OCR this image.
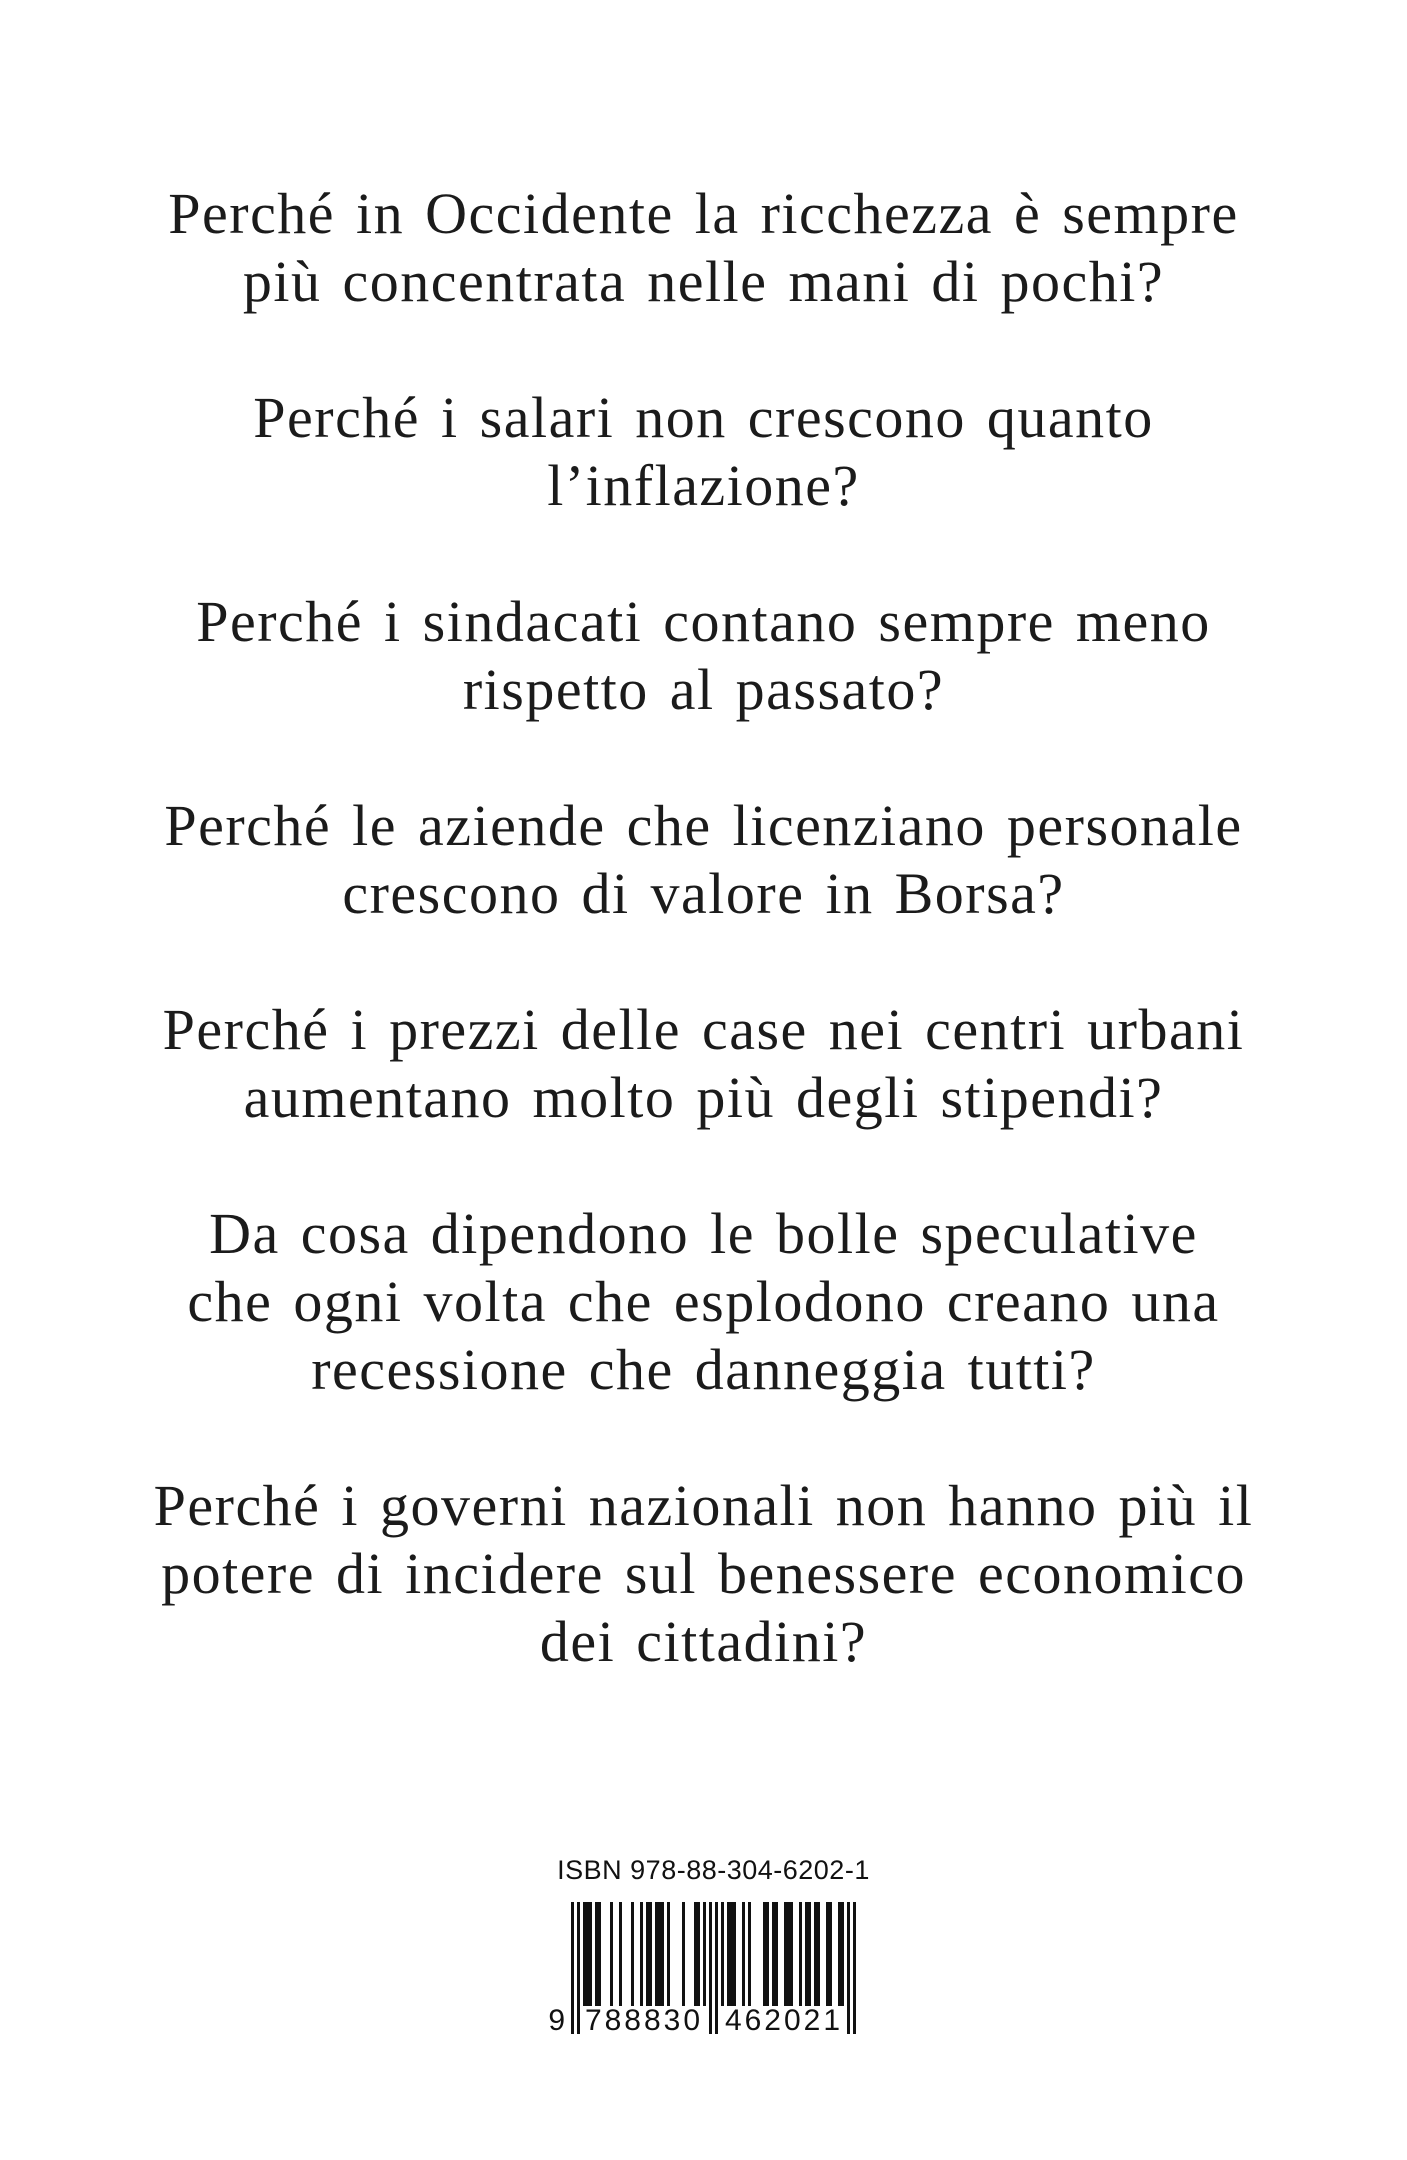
Perché in Occidente la ricchezza è sempre
più concentrata nelle mani di pochi?
Perché i salari non crescono quanto
l’inflazione?
Perché i sindacati contano sempre meno
rispetto al passato?
Perché le aziende che licenziano personale
crescono di valore in Borsa?
Perché i prezzi delle case nei centri urbani
aumentano molto più degli stipendi?
Da cosa dipendono le bolle speculative
che ogni volta che esplodono creano una
recessione che danneggia tutti?
Perché i governi nazionali non hanno più il
potere di incidere sul benessere economico
dei cittadini?
ISBN 978-88-304-6202-1
9 788830 462021
